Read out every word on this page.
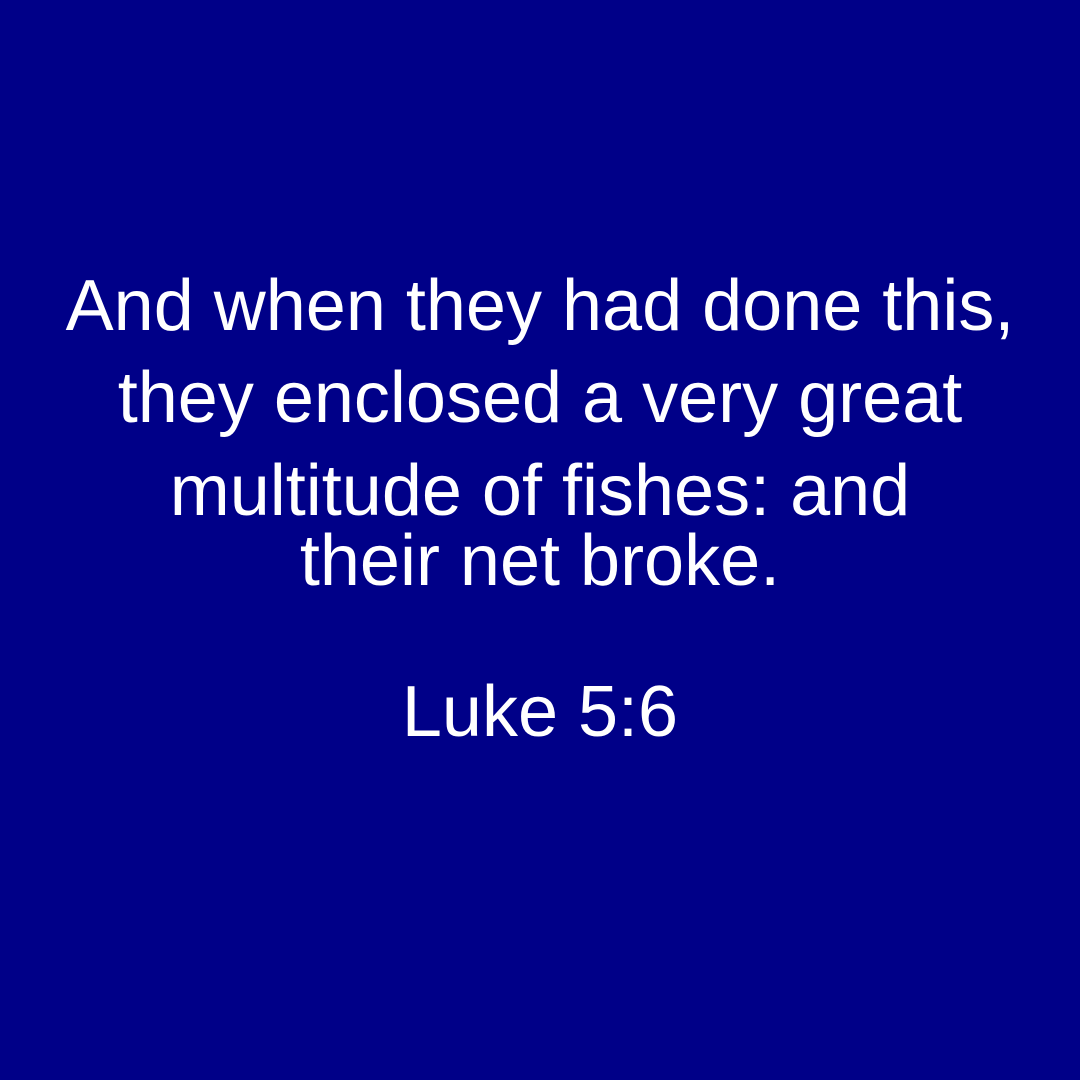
And when they had done this,
they enclosed a very great
multitude of fishes: and
their net broke.
Luke 5:6
